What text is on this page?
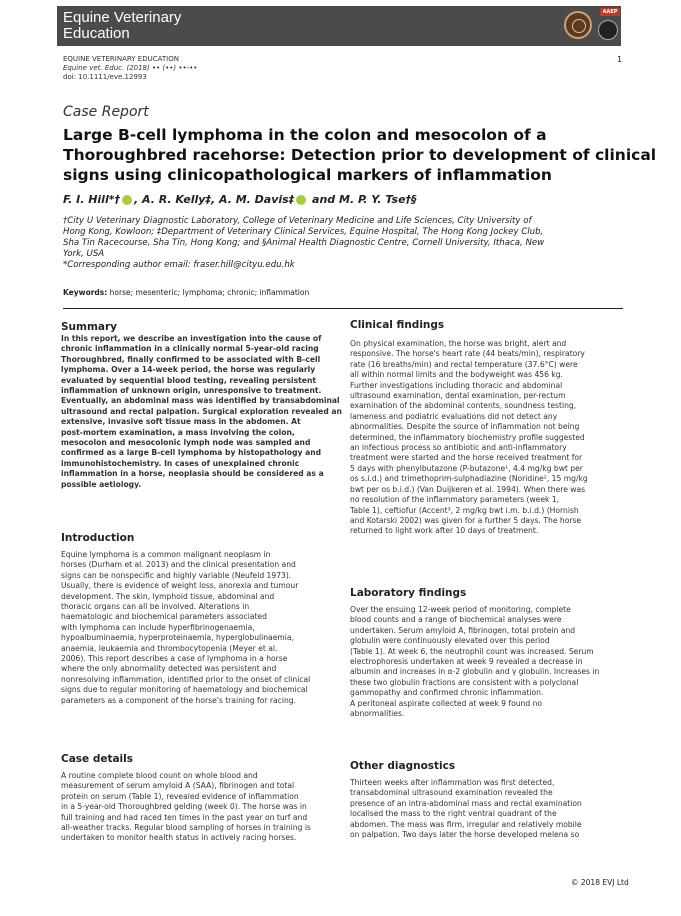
Equine Veterinary
Education
AAEP
EQUINE VETERINARY EDUCATION
Equine vet. Educ. (2018) •• (••) ••-••
doi: 10.1111/eve.12993
1
Case Report
Large B-cell lymphoma in the colon and mesocolon of a
Thoroughbred racehorse: Detection prior to development of clinical
signs using clinicopathological markers of inflammation
F. I. Hill*† , A. R. Kelly‡, A. M. Davis‡ and M. P. Y. Tse†§
†City U Veterinary Diagnostic Laboratory, College of Veterinary Medicine and Life Sciences, City University of
Hong Kong, Kowloon; ‡Department of Veterinary Clinical Services, Equine Hospital, The Hong Kong Jockey Club,
Sha Tin Racecourse, Sha Tin, Hong Kong; and §Animal Health Diagnostic Centre, Cornell University, Ithaca, New
York, USA
*Corresponding author email: fraser.hill@cityu.edu.hk
Keywords: horse; mesenteric; lymphoma; chronic; inflammation
Summary
In this report, we describe an investigation into the cause of
chronic inflammation in a clinically normal 5-year-old racing
Thoroughbred, finally confirmed to be associated with B-cell
lymphoma. Over a 14-week period, the horse was regularly
evaluated by sequential blood testing, revealing persistent
inflammation of unknown origin, unresponsive to treatment.
Eventually, an abdominal mass was identified by transabdominal
ultrasound and rectal palpation. Surgical exploration revealed an
extensive, invasive soft tissue mass in the abdomen. At
post-mortem examination, a mass involving the colon,
mesocolon and mesocolonic lymph node was sampled and
confirmed as a large B-cell lymphoma by histopathology and
immunohistochemistry. In cases of unexplained chronic
inflammation in a horse, neoplasia should be considered as a
possible aetiology.
Introduction
Equine lymphoma is a common malignant neoplasm in
horses (Durham et al. 2013) and the clinical presentation and
signs can be nonspecific and highly variable (Neufeld 1973).
Usually, there is evidence of weight loss, anorexia and tumour
development. The skin, lymphoid tissue, abdominal and
thoracic organs can all be involved. Alterations in
haematologic and biochemical parameters associated
with lymphoma can include hyperfibrinogenaemia,
hypoalbuminaemia, hyperproteinaemia, hyperglobulinaemia,
anaemia, leukaemia and thrombocytopenia (Meyer et al.
2006). This report describes a case of lymphoma in a horse
where the only abnormality detected was persistent and
nonresolving inflammation, identified prior to the onset of clinical
signs due to regular monitoring of haematology and biochemical
parameters as a component of the horse's training for racing.
Case details
A routine complete blood count on whole blood and
measurement of serum amyloid A (SAA), fibrinogen and total
protein on serum (Table 1), revealed evidence of inflammation
in a 5-year-old Thoroughbred gelding (week 0). The horse was in
full training and had raced ten times in the past year on turf and
all-weather tracks. Regular blood sampling of horses in training is
undertaken to monitor health status in actively racing horses.
Clinical findings
On physical examination, the horse was bright, alert and
responsive. The horse's heart rate (44 beats/min), respiratory
rate (16 breaths/min) and rectal temperature (37.6°C) were
all within normal limits and the bodyweight was 456 kg.
Further investigations including thoracic and abdominal
ultrasound examination, dental examination, per-rectum
examination of the abdominal contents, soundness testing,
lameness and podiatric evaluations did not detect any
abnormalities. Despite the source of inflammation not being
determined, the inflammatory biochemistry profile suggested
an infectious process so antibiotic and anti-inflammatory
treatment were started and the horse received treatment for
5 days with phenylbutazone (P-butazone¹, 4.4 mg/kg bwt per
os s.i.d.) and trimethoprim-sulphadiazine (Noridine², 15 mg/kg
bwt per os b.i.d.) (Van Duijkeren et al. 1994). When there was
no resolution of the inflammatory parameters (week 1,
Table 1), ceftiofur (Accent³, 2 mg/kg bwt i.m. b.i.d.) (Hornish
and Kotarski 2002) was given for a further 5 days. The horse
returned to light work after 10 days of treatment.
Laboratory findings
Over the ensuing 12-week period of monitoring, complete
blood counts and a range of biochemical analyses were
undertaken. Serum amyloid A, fibrinogen, total protein and
globulin were continuously elevated over this period
(Table 1). At week 6, the neutrophil count was increased. Serum
electrophoresis undertaken at week 9 revealed a decrease in
albumin and increases in α-2 globulin and γ globulin. Increases in
these two globulin fractions are consistent with a polyclonal
gammopathy and confirmed chronic inflammation.
A peritoneal aspirate collected at week 9 found no
abnormalities.
Other diagnostics
Thirteen weeks after inflammation was first detected,
transabdominal ultrasound examination revealed the
presence of an intra-abdominal mass and rectal examination
localised the mass to the right ventral quadrant of the
abdomen. The mass was firm, irregular and relatively mobile
on palpation. Two days later the horse developed melena so
© 2018 EVJ Ltd
